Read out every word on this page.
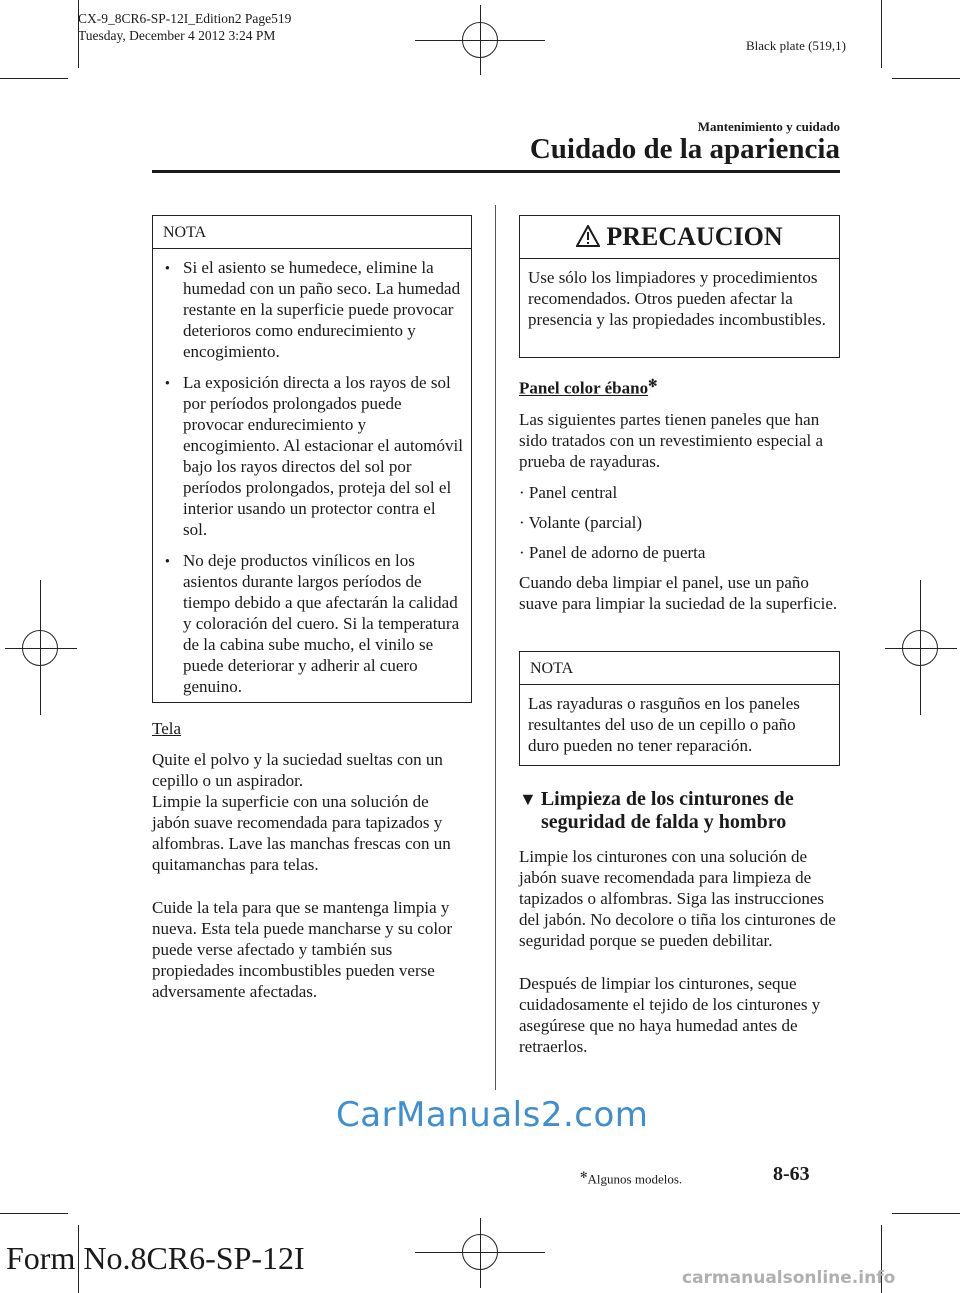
CX-9_8CR6-SP-12I_Edition2 Page519
Tuesday, December 4 2012 3:24 PM
Black plate (519,1)
Mantenimiento y cuidado
Cuidado de la apariencia
NOTA
● Si el asiento se humedece, elimine la humedad con un paño seco. La humedad restante en la superficie puede provocar deterioros como endurecimiento y encogimiento.
● La exposición directa a los rayos de sol por períodos prolongados puede provocar endurecimiento y encogimiento. Al estacionar el automóvil bajo los rayos directos del sol por períodos prolongados, proteja del sol el interior usando un protector contra el sol.
● No deje productos vinílicos en los asientos durante largos períodos de tiempo debido a que afectarán la calidad y coloración del cuero. Si la temperatura de la cabina sube mucho, el vinilo se puede deteriorar y adherir al cuero genuino.
Tela
Quite el polvo y la suciedad sueltas con un cepillo o un aspirador.
Limpie la superficie con una solución de jabón suave recomendada para tapizados y alfombras. Lave las manchas frescas con un quitamanchas para telas.
Cuide la tela para que se mantenga limpia y nueva. Esta tela puede mancharse y su color puede verse afectado y también sus propiedades incombustibles pueden verse adversamente afectadas.
PRECAUCION
Use sólo los limpiadores y procedimientos recomendados. Otros pueden afectar la presencia y las propiedades incombustibles.
Panel color ébano✻
Las siguientes partes tienen paneles que han sido tratados con un revestimiento especial a prueba de rayaduras.
· Panel central
· Volante (parcial)
· Panel de adorno de puerta
Cuando deba limpiar el panel, use un paño suave para limpiar la suciedad de la superficie.
NOTA
Las rayaduras o rasguños en los paneles resultantes del uso de un cepillo o paño duro pueden no tener reparación.
▼ Limpieza de los cinturones de
seguridad de falda y hombro
Limpie los cinturones con una solución de jabón suave recomendada para limpieza de tapizados o alfombras. Siga las instrucciones del jabón. No decolore o tiña los cinturones de seguridad porque se pueden debilitar.
Después de limpiar los cinturones, seque cuidadosamente el tejido de los cinturones y asegúrese que no haya humedad antes de retraerlos.
CarManuals2.com
✻Algunos modelos.	8-63
Form No.8CR6-SP-12I
carmanualsonline.info
